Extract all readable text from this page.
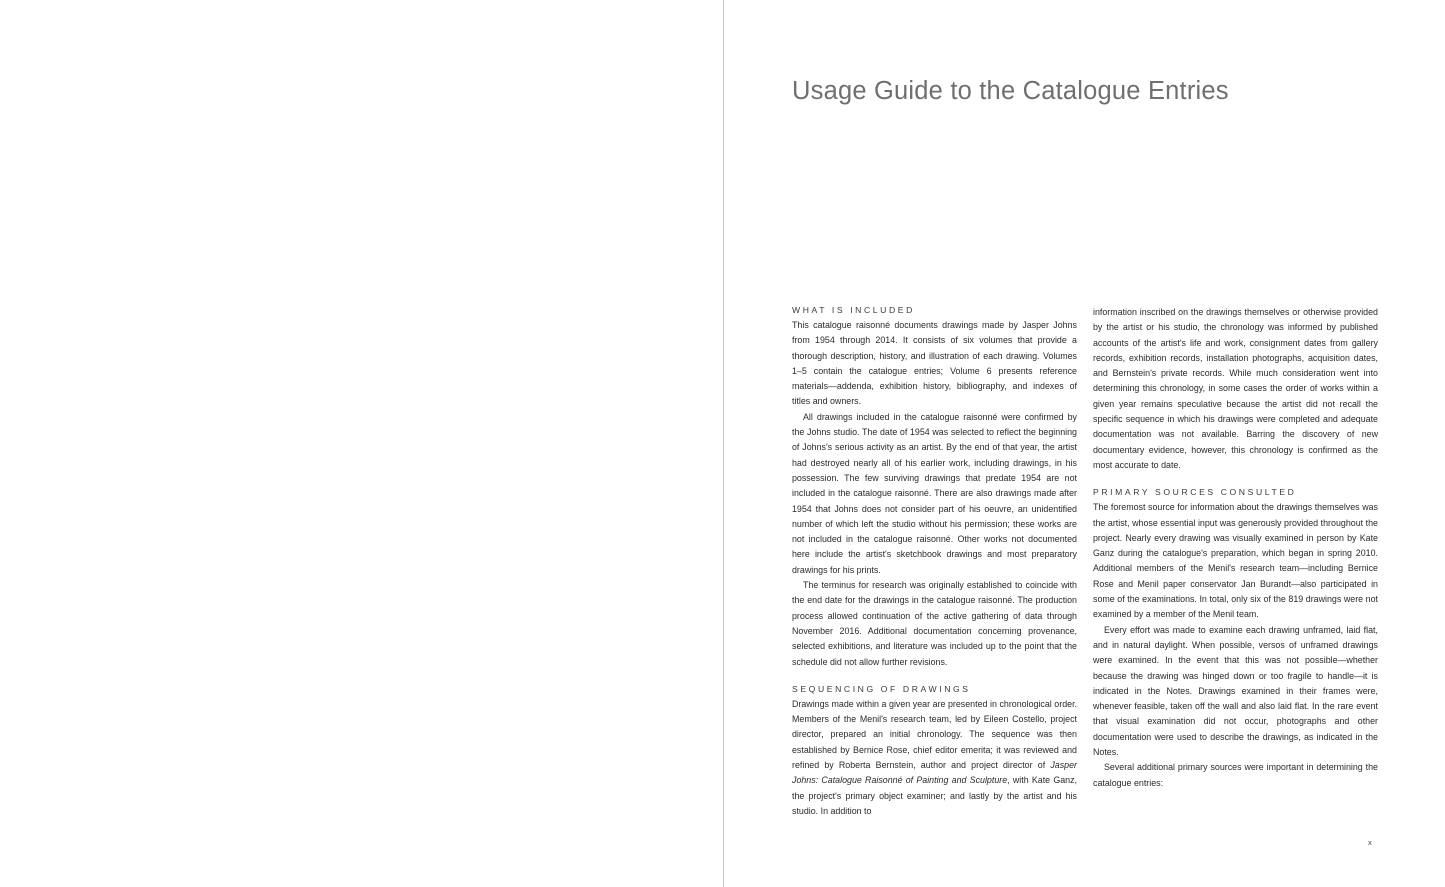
Usage Guide to the Catalogue Entries
WHAT IS INCLUDED

This catalogue raisonné documents drawings made by Jasper Johns from 1954 through 2014. It consists of six volumes that provide a thorough description, history, and illustration of each drawing. Volumes 1–5 contain the catalogue entries; Volume 6 presents reference materials—addenda, exhibition history, bibliography, and indexes of titles and owners.

All drawings included in the catalogue raisonné were confirmed by the Johns studio. The date of 1954 was selected to reflect the beginning of Johns's serious activity as an artist. By the end of that year, the artist had destroyed nearly all of his earlier work, including drawings, in his possession. The few surviving drawings that predate 1954 are not included in the catalogue raisonné. There are also drawings made after 1954 that Johns does not consider part of his oeuvre, an unidentified number of which left the studio without his permission; these works are not included in the catalogue raisonné. Other works not documented here include the artist's sketchbook drawings and most preparatory drawings for his prints.

The terminus for research was originally established to coincide with the end date for the drawings in the catalogue raisonné. The production process allowed continuation of the active gathering of data through November 2016. Additional documentation concerning provenance, selected exhibitions, and literature was included up to the point that the schedule did not allow further revisions.

SEQUENCING OF DRAWINGS

Drawings made within a given year are presented in chronological order. Members of the Menil's research team, led by Eileen Costello, project director, prepared an initial chronology. The sequence was then established by Bernice Rose, chief editor emerita; it was reviewed and refined by Roberta Bernstein, author and project director of Jasper Johns: Catalogue Raisonné of Painting and Sculpture, with Kate Ganz, the project's primary object examiner; and lastly by the artist and his studio. In addition to

information inscribed on the drawings themselves or otherwise provided by the artist or his studio, the chronology was informed by published accounts of the artist's life and work, consignment dates from gallery records, exhibition records, installation photographs, acquisition dates, and Bernstein's private records. While much consideration went into determining this chronology, in some cases the order of works within a given year remains speculative because the artist did not recall the specific sequence in which his drawings were completed and adequate documentation was not available. Barring the discovery of new documentary evidence, however, this chronology is confirmed as the most accurate to date.

PRIMARY SOURCES CONSULTED

The foremost source for information about the drawings themselves was the artist, whose essential input was generously provided throughout the project. Nearly every drawing was visually examined in person by Kate Ganz during the catalogue's preparation, which began in spring 2010. Additional members of the Menil's research team—including Bernice Rose and Menil paper conservator Jan Burandt—also participated in some of the examinations. In total, only six of the 819 drawings were not examined by a member of the Menil team.

Every effort was made to examine each drawing unframed, laid flat, and in natural daylight. When possible, versos of unframed drawings were examined. In the event that this was not possible—whether because the drawing was hinged down or too fragile to handle—it is indicated in the Notes. Drawings examined in their frames were, whenever feasible, taken off the wall and also laid flat. In the rare event that visual examination did not occur, photographs and other documentation were used to describe the drawings, as indicated in the Notes.

Several additional primary sources were important in determining the catalogue entries:

x
